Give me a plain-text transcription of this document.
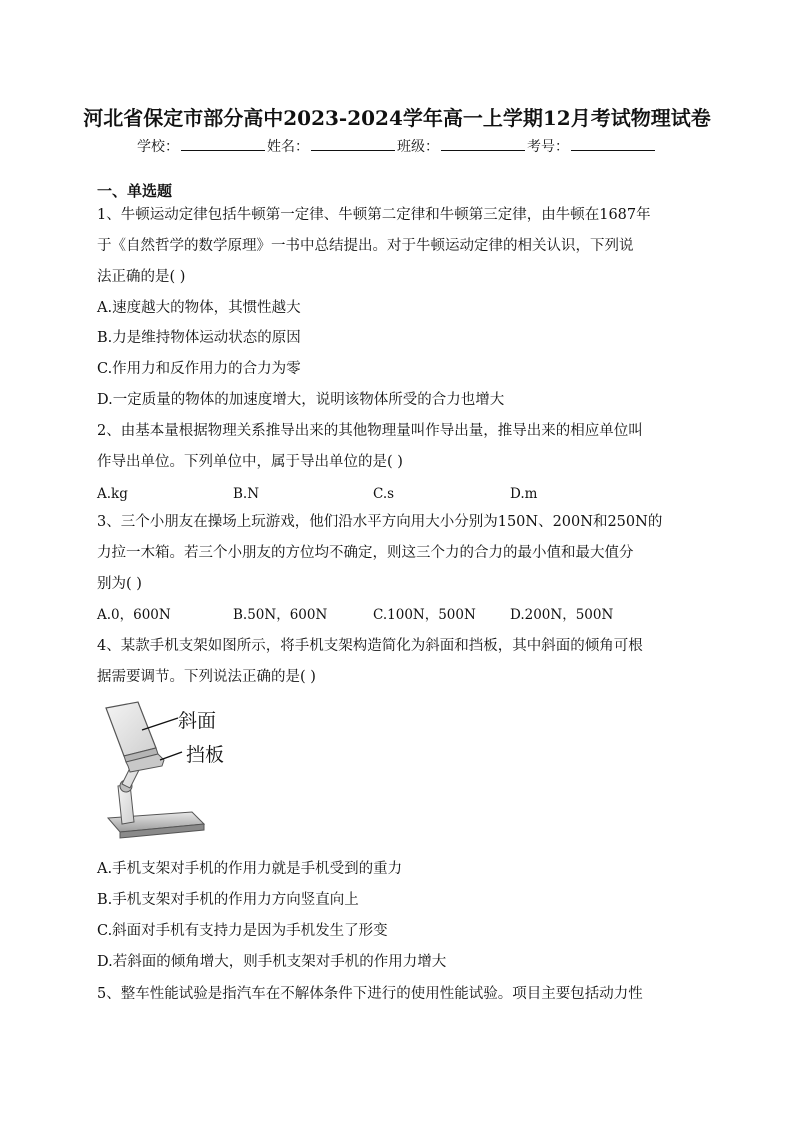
河北省保定市部分高中2023-2024学年高一上学期12月考试物理试卷
学校：	姓名：	班级：	考号：
一、单选题
1、牛顿运动定律包括牛顿第一定律、牛顿第二定律和牛顿第三定律，由牛顿在1687年
于《自然哲学的数学原理》一书中总结提出。对于牛顿运动定律的相关认识，下列说
法正确的是( )
A.速度越大的物体，其惯性越大
B.力是维持物体运动状态的原因
C.作用力和反作用力的合力为零
D.一定质量的物体的加速度增大，说明该物体所受的合力也增大
2、由基本量根据物理关系推导出来的其他物理量叫作导出量，推导出来的相应单位叫
作导出单位。下列单位中，属于导出单位的是( )
A.kg	B.N	C.s	D.m
3、三个小朋友在操场上玩游戏，他们沿水平方向用大小分别为150N、200N和250N的
力拉一木箱。若三个小朋友的方位均不确定，则这三个力的合力的最小值和最大值分
别为( )
A.0，600N	B.50N，600N	C.100N，500N	D.200N，500N
4、某款手机支架如图所示，将手机支架构造简化为斜面和挡板，其中斜面的倾角可根
据需要调节。下列说法正确的是( )
斜面
挡板
A.手机支架对手机的作用力就是手机受到的重力
B.手机支架对手机的作用力方向竖直向上
C.斜面对手机有支持力是因为手机发生了形变
D.若斜面的倾角增大，则手机支架对手机的作用力增大
5、整车性能试验是指汽车在不解体条件下进行的使用性能试验。项目主要包括动力性
